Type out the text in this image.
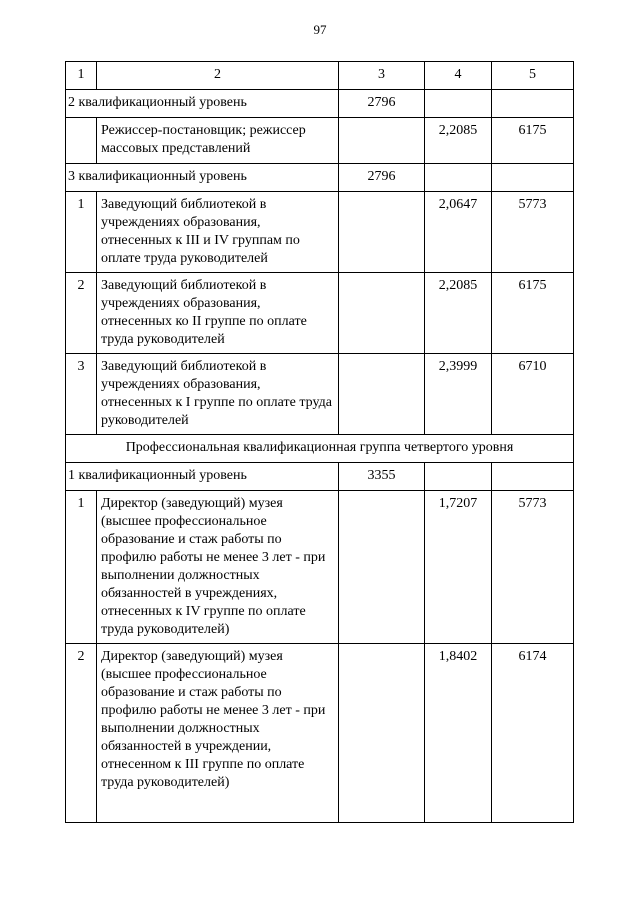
97
1	2	3	4	5
2 квалификационный уровень		2796		
	Режиссер-постановщик; режиссер массовых представлений		2,2085	6175
3 квалификационный уровень		2796		
1	Заведующий библиотекой в учреждениях образования, отнесенных к III и IV группам по оплате труда руководителей		2,0647	5773
2	Заведующий библиотекой в учреждениях образования, отнесенных ко II группе по оплате труда руководителей		2,2085	6175
3	Заведующий библиотекой в учреждениях образования, отнесенных к I группе по оплате труда руководителей		2,3999	6710
Профессиональная квалификационная группа четвертого уровня				
1 квалификационный уровень		3355		
1	Директор (заведующий) музея (высшее профессиональное образование и стаж работы по профилю работы не менее 3 лет - при выполнении должностных обязанностей в учреждениях, отнесенных к IV группе по оплате труда руководителей)		1,7207	5773
2	Директор (заведующий) музея (высшее профессиональное образование и стаж работы по профилю работы не менее 3 лет - при выполнении должностных обязанностей в учреждении, отнесенном к III группе по оплате труда руководителей)		1,8402	6174
